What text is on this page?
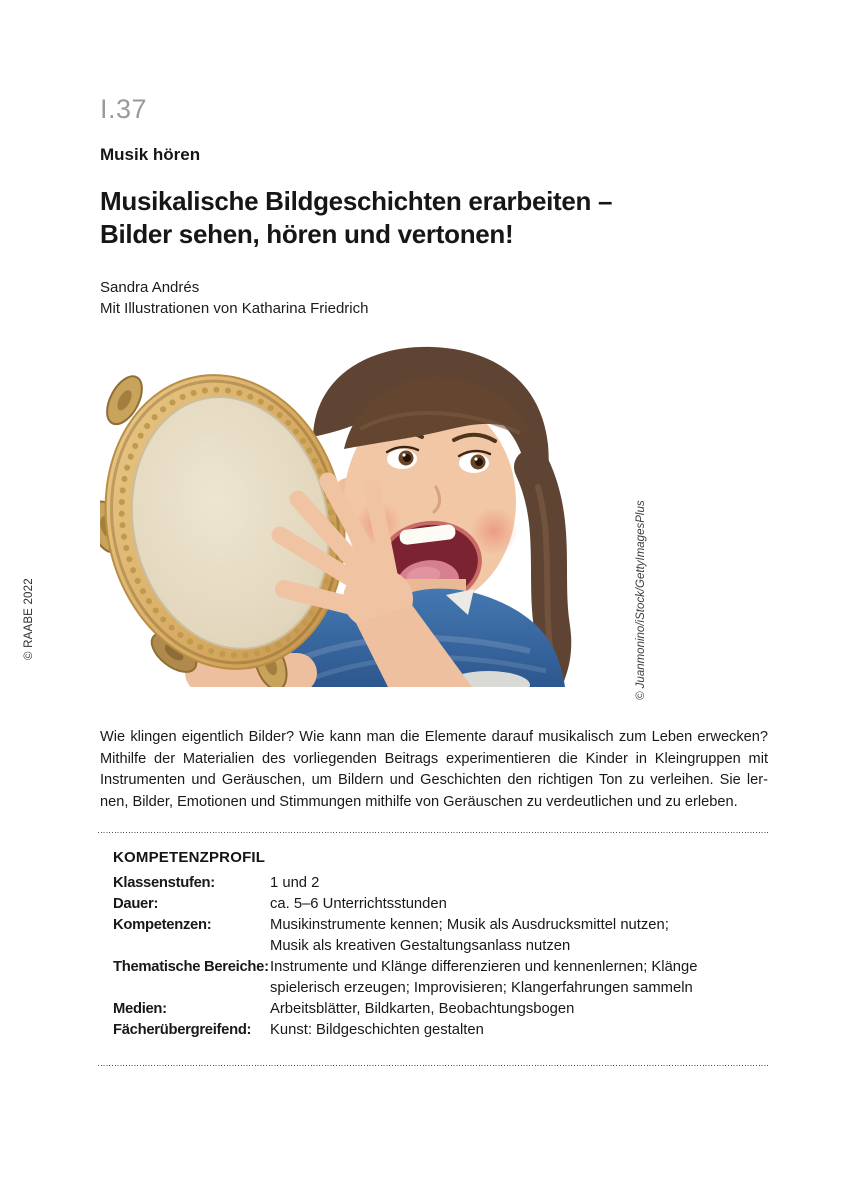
I.37
Musik hören
Musikalische Bildgeschichten erarbeiten –
Bilder sehen, hören und vertonen!
Sandra Andrés
Mit Illustrationen von Katharina Friedrich
© RAABE 2022	© Juanmonino/iStock/GettyImagesPlus

Wie klingen eigentlich Bilder? Wie kann man die Elemente darauf musikalisch zum Leben erwecken?
Mithilfe der Materialien des vorliegenden Beitrags experimentieren die Kinder in Kleingruppen mit
Instrumenten und Geräuschen, um Bildern und Geschichten den richtigen Ton zu verleihen. Sie ler-
nen, Bilder, Emotionen und Stimmungen mithilfe von Geräuschen zu verdeutlichen und zu erleben.

KOMPETENZPROFIL
Klassenstufen:	1 und 2
Dauer:	ca. 5–6 Unterrichtsstunden
Kompetenzen:	Musikinstrumente kennen; Musik als Ausdrucksmittel nutzen;
Musik als kreativen Gestaltungsanlass nutzen
Thematische Bereiche: Instrumente und Klänge differenzieren und kennenlernen; Klänge
spielerisch erzeugen; Improvisieren; Klangerfahrungen sammeln
Medien:	Arbeitsblätter, Bildkarten, Beobachtungsbogen
Fächerübergreifend:	Kunst: Bildgeschichten gestalten
